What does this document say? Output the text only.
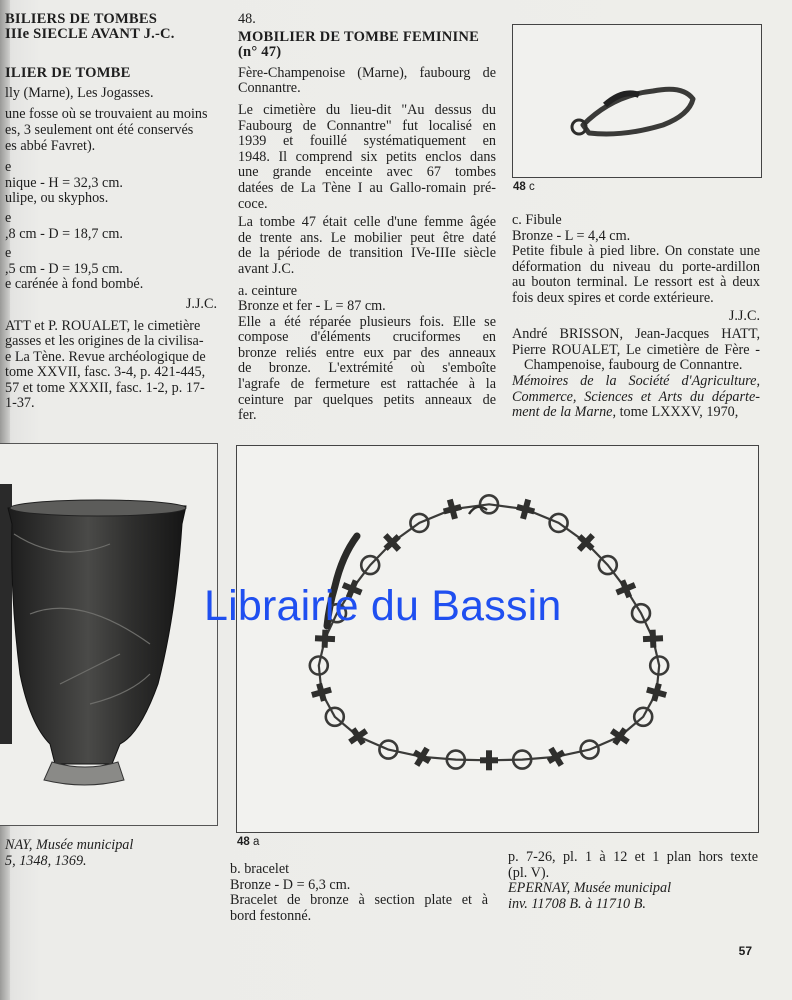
BILIERS DE TOMBES
IIIe SIECLE AVANT J.-C.
ILIER DE TOMBE
lly (Marne), Les Jogasses.
une fosse où se trouvaient au moins
es, 3 seulement ont été conservés
es abbé Favret).
e
nique - H = 32,3 cm.
ulipe, ou skyphos.
e
,8 cm - D = 18,7 cm.
e
,5 cm - D = 19,5 cm.
e carénée à fond bombé.
J.J.C.
ATT et P. ROUALET, le cimetière
gasses et les origines de la civilisa-
e La Tène. Revue archéologique de
tome XXVII, fasc. 3-4, p. 421-445,
57 et tome XXXII, fasc. 1-2, p. 17-
1-37.
NAY, Musée municipal
5, 1348, 1369.
48.
MOBILIER DE TOMBE FEMININE
(n° 47)
Fère-Champenoise (Marne), faubourg de
Connantre.
Le cimetière du lieu-dit "Au dessus du
Faubourg de Connantre" fut localisé en
1939 et fouillé systématiquement en
1948. Il comprend six petits enclos dans
une grande enceinte avec 67 tombes
datées de La Tène I au Gallo-romain pré-
coce.
La tombe 47 était celle d'une femme âgée
de trente ans. Le mobilier peut être daté
de la période de transition IVe-IIIe siècle
avant J.C.
a. ceinture
Bronze et fer - L = 87 cm.
Elle a été réparée plusieurs fois. Elle se
compose d'éléments cruciformes en
bronze reliés entre eux par des anneaux
de bronze. L'extrémité où s'emboîte
l'agrafe de fermeture est rattachée à la
ceinture par quelques petits anneaux de
fer.
48 c
c. Fibule
Bronze - L = 4,4 cm.
Petite fibule à pied libre. On constate une
déformation du niveau du porte-ardillon
au bouton terminal. Le ressort est à deux
fois deux spires et corde extérieure.
J.J.C.
André BRISSON, Jean-Jacques HATT,
Pierre ROUALET, Le cimetière de Fère -
Champenoise, faubourg de Connantre.
Mémoires de la Société d'Agriculture,
Commerce, Sciences et Arts du départe-
ment de la Marne, tome LXXXV, 1970,
48 a
b. bracelet
Bronze - D = 6,3 cm.
Bracelet de bronze à section plate et à
bord festonné.
p. 7-26, pl. 1 à 12 et 1 plan hors texte
(pl. V).
EPERNAY, Musée municipal
inv. 11708 B. à 11710 B.
57
Librairie du Bassin
